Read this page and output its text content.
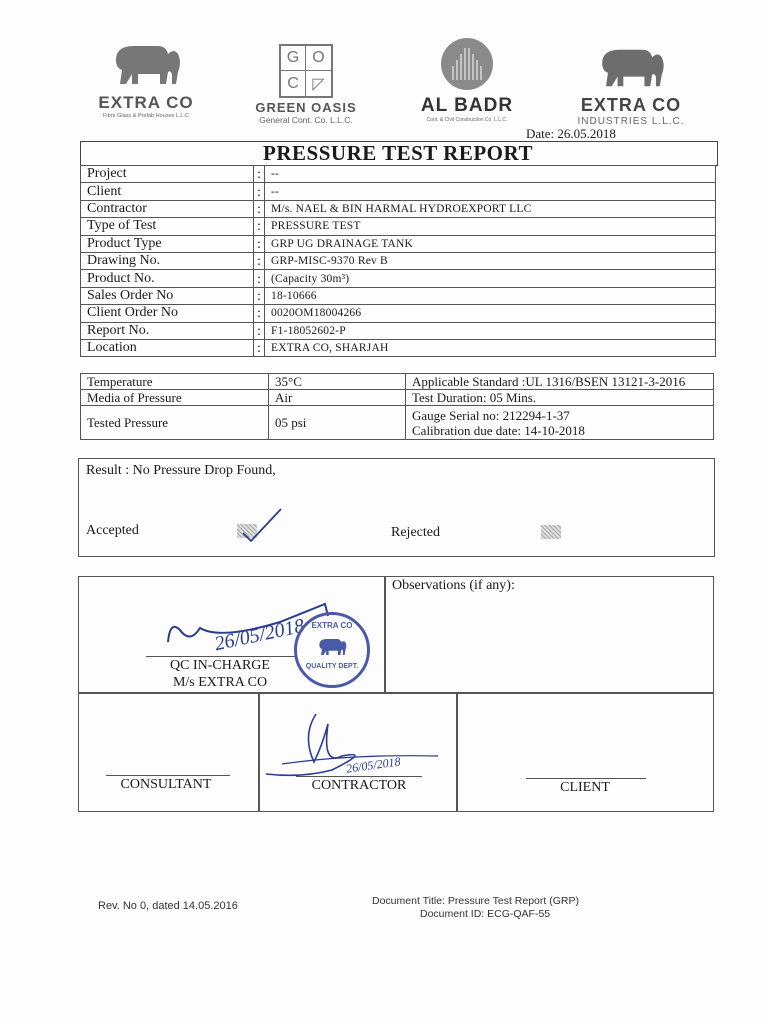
EXTRA CO
Fibre Glass & Prefab Houses L.L.C
G O
C ◸
GREEN OASIS
General Cont. Co. L.L.C.
AL BADR
Cont. & Civil Construction Co. L.L.C.
EXTRA CO
INDUSTRIES L.L.C.
Date: 26.05.2018
PRESSURE TEST REPORT
Project	:	--
Client	:	--
Contractor	:	M/s. NAEL & BIN HARMAL HYDROEXPORT LLC
Type of Test	:	PRESSURE TEST
Product Type	:	GRP UG DRAINAGE TANK
Drawing No.	:	GRP-MISC-9370 Rev B
Product No.	:	(Capacity 30m³)
Sales Order No	:	18-10666
Client Order No	:	0020OM18004266
Report No.	:	F1-18052602-P
Location	:	EXTRA CO, SHARJAH
Temperature	35°C	Applicable Standard :UL 1316/BSEN 13121-3-2016
Media of Pressure	Air	Test Duration: 05 Mins.
Tested Pressure	05 psi	Gauge Serial no: 212294-1-37
Calibration due date: 14-10-2018
Result : No Pressure Drop Found,
Accepted	Rejected
Observations (if any):
26/05/2018
QC IN-CHARGE
M/s EXTRA CO
EXTRA CO
QUALITY DEPT.
CONSULTANT
26/05/2018
CONTRACTOR	CLIENT
Rev. No 0, dated 14.05.2016	Document Title: Pressure Test Report (GRP)
Document ID: ECG-QAF-55
